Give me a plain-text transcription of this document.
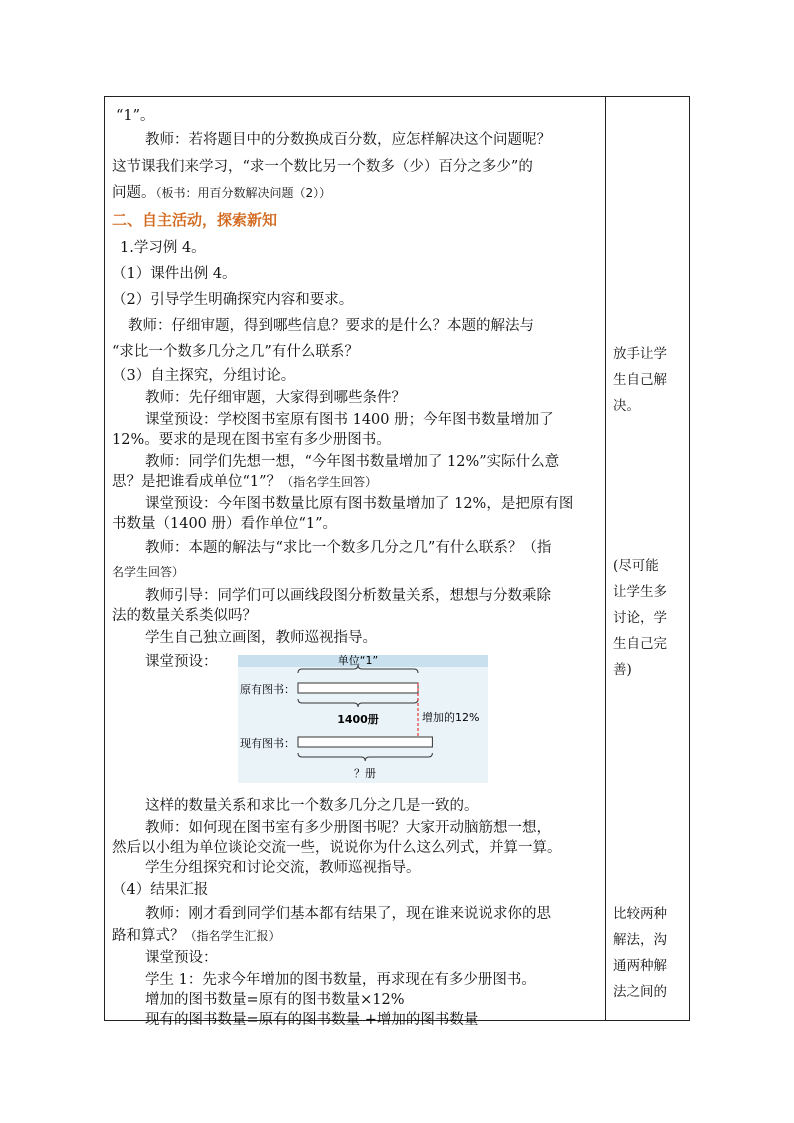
“1”。
教师：若将题目中的分数换成百分数，应怎样解决这个问题呢？
这节课我们来学习，“求一个数比另一个数多（少）百分之多少”的
问题。（板书：用百分数解决问题（2））
二、自主活动，探索新知
1.学习例 4。
（1）课件出例 4。
（2）引导学生明确探究内容和要求。
教师：仔细审题，得到哪些信息？要求的是什么？本题的解法与
“求比一个数多几分之几”有什么联系？
（3）自主探究，分组讨论。
教师：先仔细审题，大家得到哪些条件？
课堂预设：学校图书室原有图书 1400 册；今年图书数量增加了
12%。要求的是现在图书室有多少册图书。
教师：同学们先想一想，“今年图书数量增加了 12%”实际什么意
思？是把谁看成单位“1”？（指名学生回答）
课堂预设：今年图书数量比原有图书数量增加了 12%，是把原有图
书数量（1400 册）看作单位“1”。
教师：本题的解法与“求比一个数多几分之几”有什么联系？（指
名学生回答）
教师引导：同学们可以画线段图分析数量关系，想想与分数乘除
法的数量关系类似吗？
学生自己独立画图，教师巡视指导。
课堂预设：
这样的数量关系和求比一个数多几分之几是一致的。
教师：如何现在图书室有多少册图书呢？大家开动脑筋想一想，
然后以小组为单位谈论交流一些，说说你为什么这么列式，并算一算。
学生分组探究和讨论交流，教师巡视指导。
（4）结果汇报
教师：刚才看到同学们基本都有结果了，现在谁来说说求你的思
路和算式？（指名学生汇报）
课堂预设：
学生 1：先求今年增加的图书数量，再求现在有多少册图书。
增加的图书数量=原有的图书数量×12%
现有的图书数量=原有的图书数量 +增加的图书数量
放手让学
生自己解
决。
(尽可能
让学生多
讨论，学
生自己完
善)
比较两种
解法，沟
通两种解
法之间的
单位“1”
原有图书：
1400册	增加的12%
现有图书：
？册
